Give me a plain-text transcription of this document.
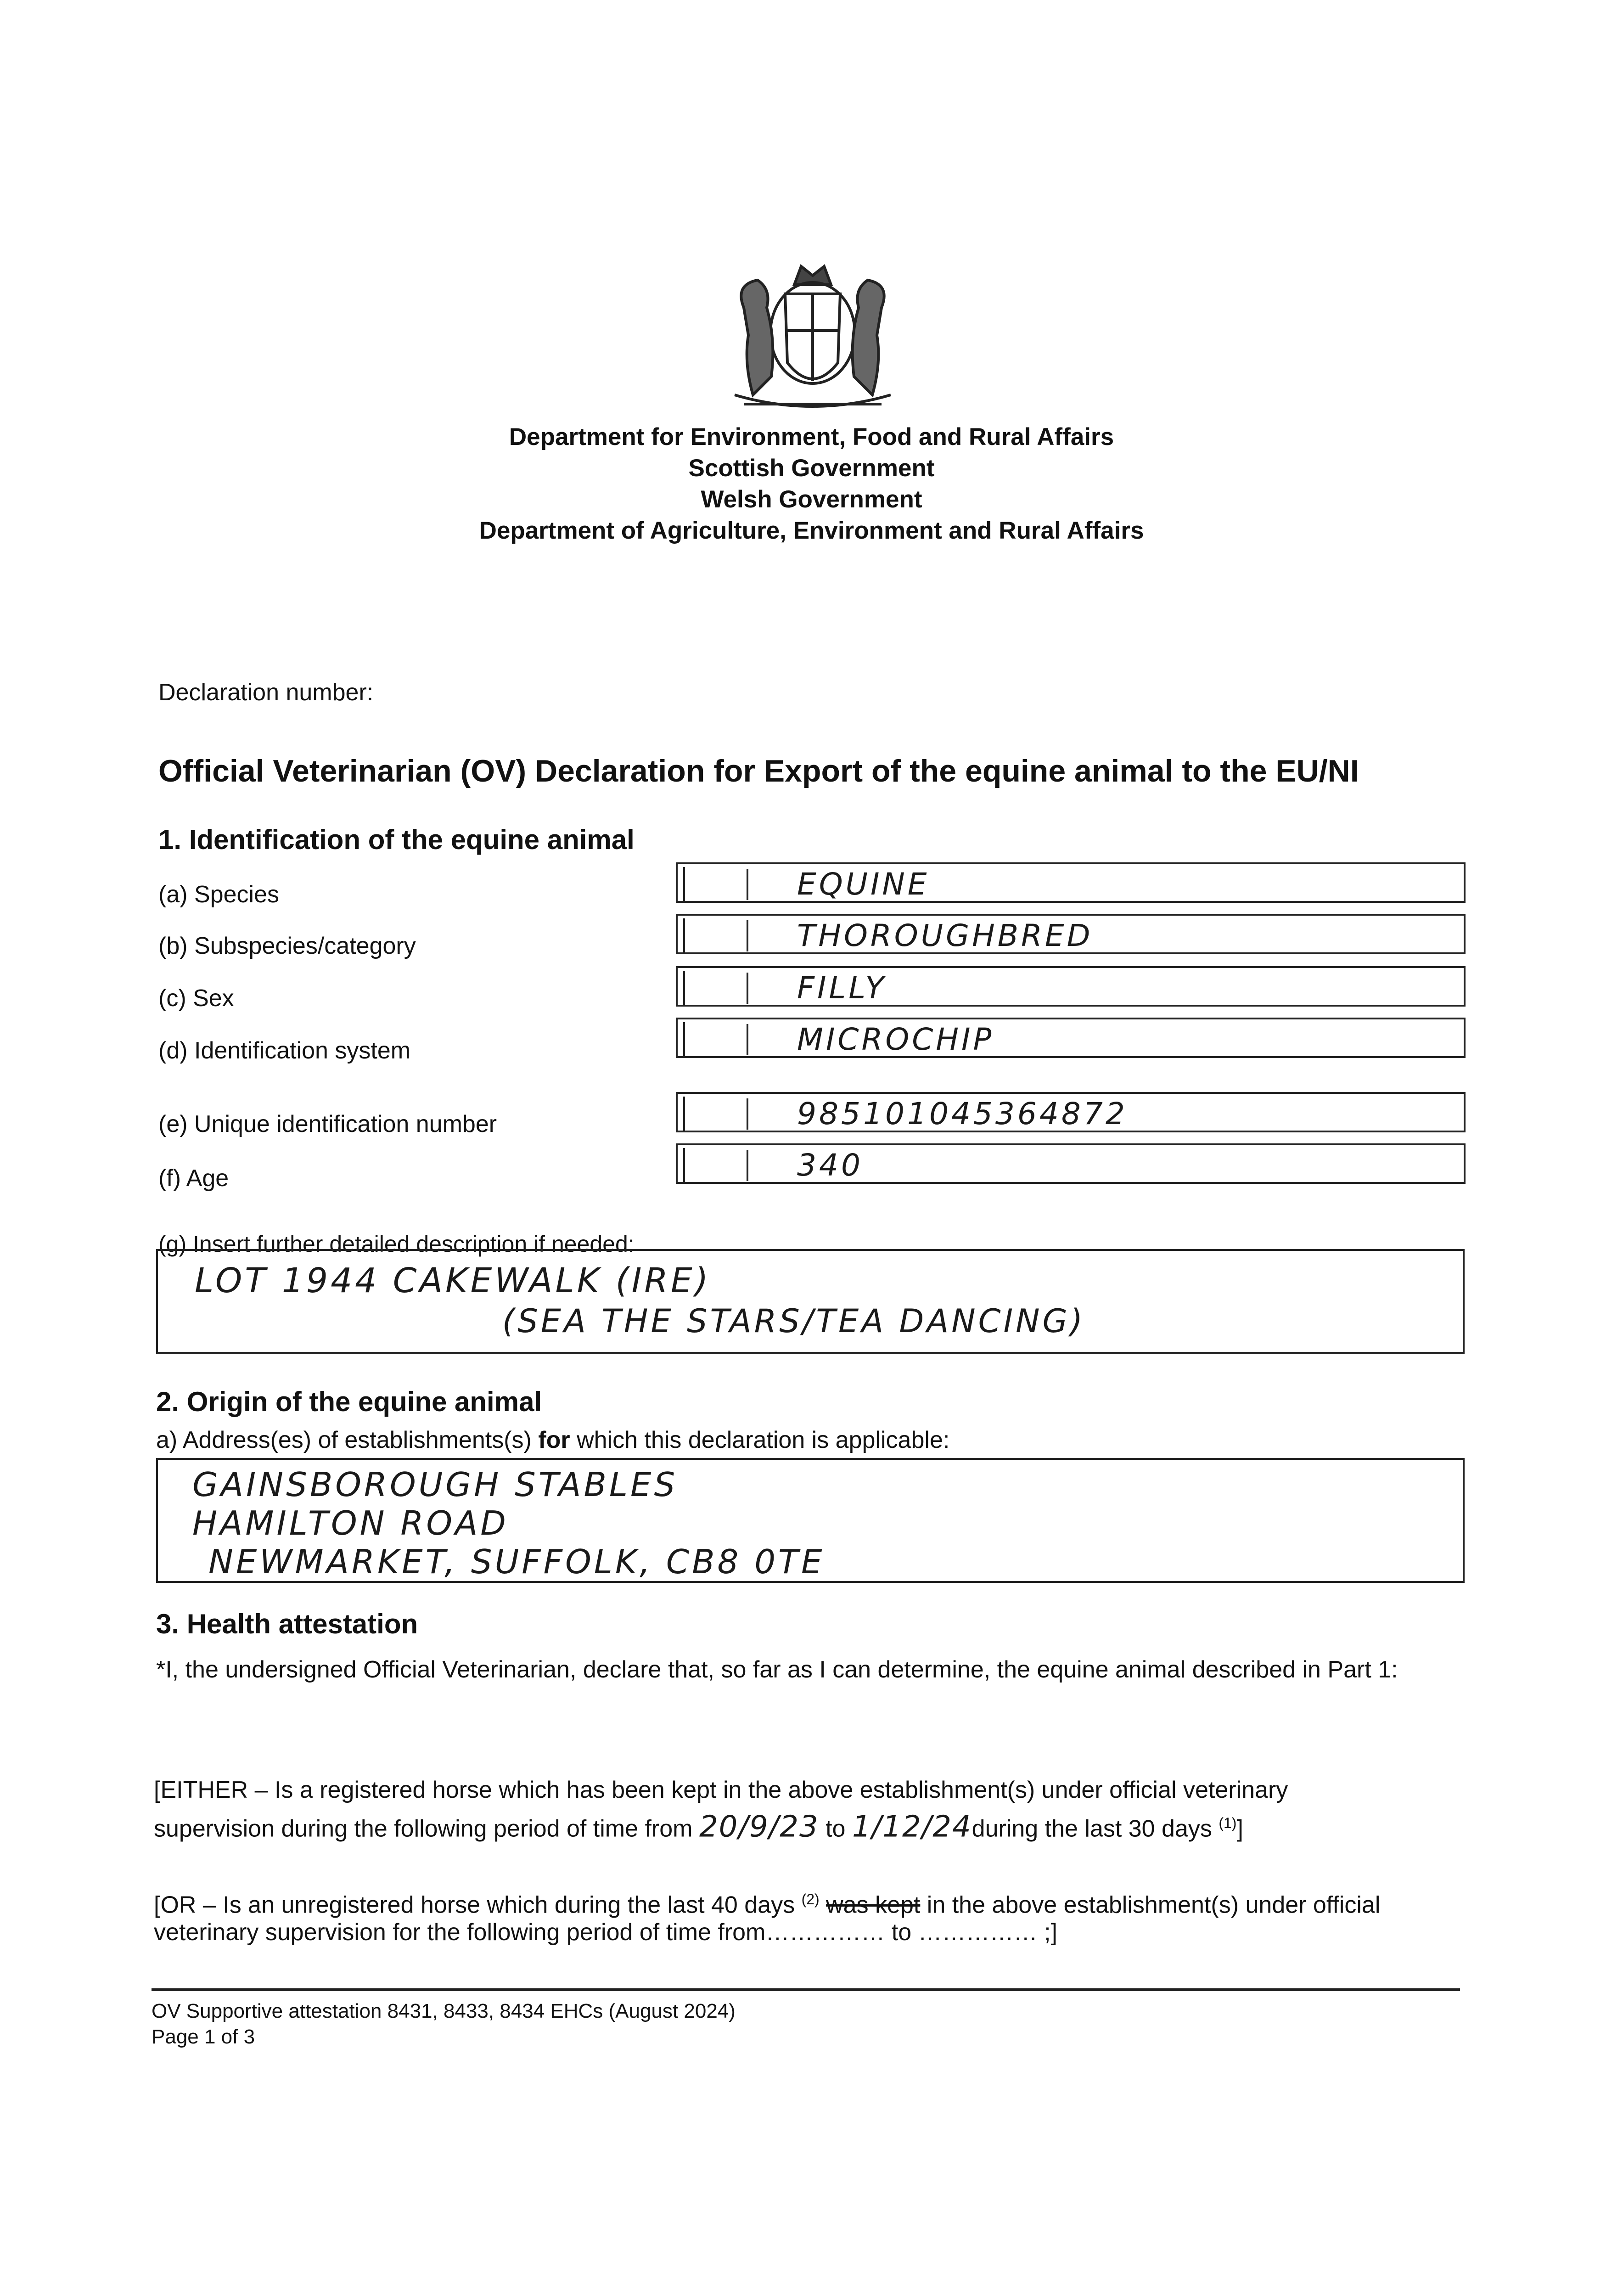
Department for Environment, Food and Rural Affairs
Scottish Government
Welsh Government
Department of Agriculture, Environment and Rural Affairs
Declaration number:
Official Veterinarian (OV) Declaration for Export of the equine animal to the EU/NI
1. Identification of the equine animal
(a) Species	EQUINE
(b) Subspecies/category	THOROUGHBRED
(c) Sex	FILLY
(d) Identification system	MICROCHIP
(e) Unique identification number	985101045364872
(f) Age	340
(g) Insert further detailed description if needed:
LOT 1944 CAKEWALK (IRE)
(SEA THE STARS/TEA DANCING)
2. Origin of the equine animal
a) Address(es) of establishments(s) for which this declaration is applicable:
GAINSBOROUGH STABLES
HAMILTON ROAD
NEWMARKET, SUFFOLK, CB8 0TE
3. Health attestation
*I, the undersigned Official Veterinarian, declare that, so far as I can determine, the equine animal described in Part 1:
[EITHER – Is a registered horse which has been kept in the above establishment(s) under official veterinary
supervision during the following period of time from 20/9/23 to 1/12/24during the last 30 days $^{(1)}$]
[OR – Is an unregistered horse which during the last 40 days $^{(2)}$ was kept in the above establishment(s) under official
veterinary supervision for the following period of time from…………… to …………… ;]
OV Supportive attestation 8431, 8433, 8434 EHCs (August 2024)
Page 1 of 3
